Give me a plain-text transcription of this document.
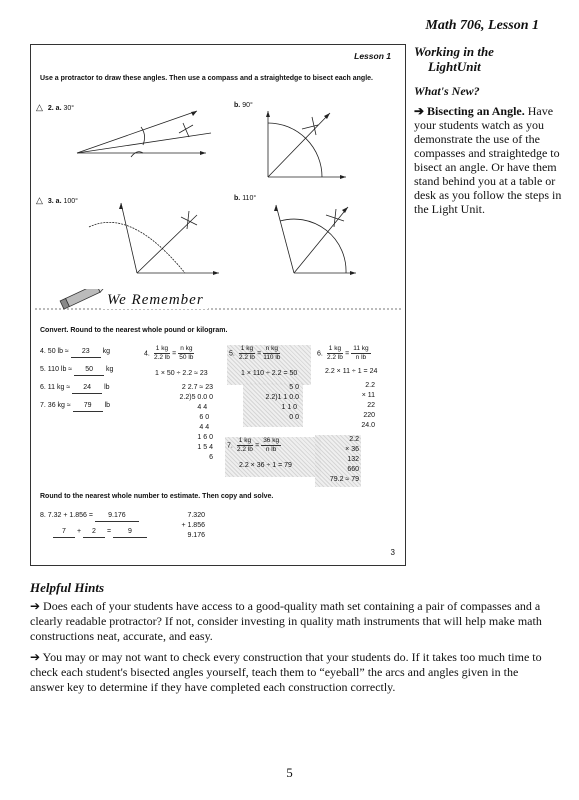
Math 706, Lesson 1
Lesson 1
Use a protractor to draw these angles. Then use a compass and a straightedge to bisect each angle.
△ 2. a. 30°	b. 90°
△ 3. a. 100°	b. 110°
We Remember
Convert. Round to the nearest whole pound or kilogram.
4. 50 lb ≈ 23 kg
5. 110 lb ≈ 50 kg
6. 11 kg ≈ 24 lb
7. 36 kg ≈ 79 lb
4. $\frac{1 kg}{2.2 lb} = \frac{\text{n kg}}{50 lb}$
1 × 50 ÷ 2.2 ≈ 23
2 2.7 ≈ 23
2.2)5 0.0 0
4 4
6 0
4 4
1 6 0
1 5 4
6
5. $\frac{1 kg}{2.2 lb} = \frac{\text{n kg}}{110 lb}$
1 × 110 ÷ 2.2 = 50
5 0
2.2)1 1 0.0
1 1 0
0 0
6. $\frac{1 kg}{2.2 lb} = \frac{11 kg}{\text{n lb}}$
2.2 × 11 ÷ 1 = 24
2.2
× 11
22
220
24.0
7. $\frac{1 kg}{2.2 lb} = \frac{36 kg}{\text{n lb}}$
2.2 × 36 ÷ 1 = 79
2.2
× 36
132
660
79.2 ≈ 79
Round to the nearest whole number to estimate. Then copy and solve.
8. 7.32 + 1.856 = 9.176
7 + 2 = 9
7.320
+ 1.856
9.176
3
Working in the
LightUnit
What's New?
➔ Bisecting an Angle. Have your students watch as you demonstrate the use of the compasses and straightedge to bisect an angle. Or have them stand behind you at a table or desk as you follow the steps in the Light Unit.
Helpful Hints

➔ Does each of your students have access to a good-quality math set containing a pair of compasses and a clearly readable protractor? If not, consider investing in quality math instruments that will help make math constructions neat, accurate, and easy.

➔ You may or may not want to check every construction that your students do. If it takes too much time to check each student's bisected angles yourself, teach them to “eyeball” the arcs and angles given in the answer key to determine if they have completed each construction correctly.

5
